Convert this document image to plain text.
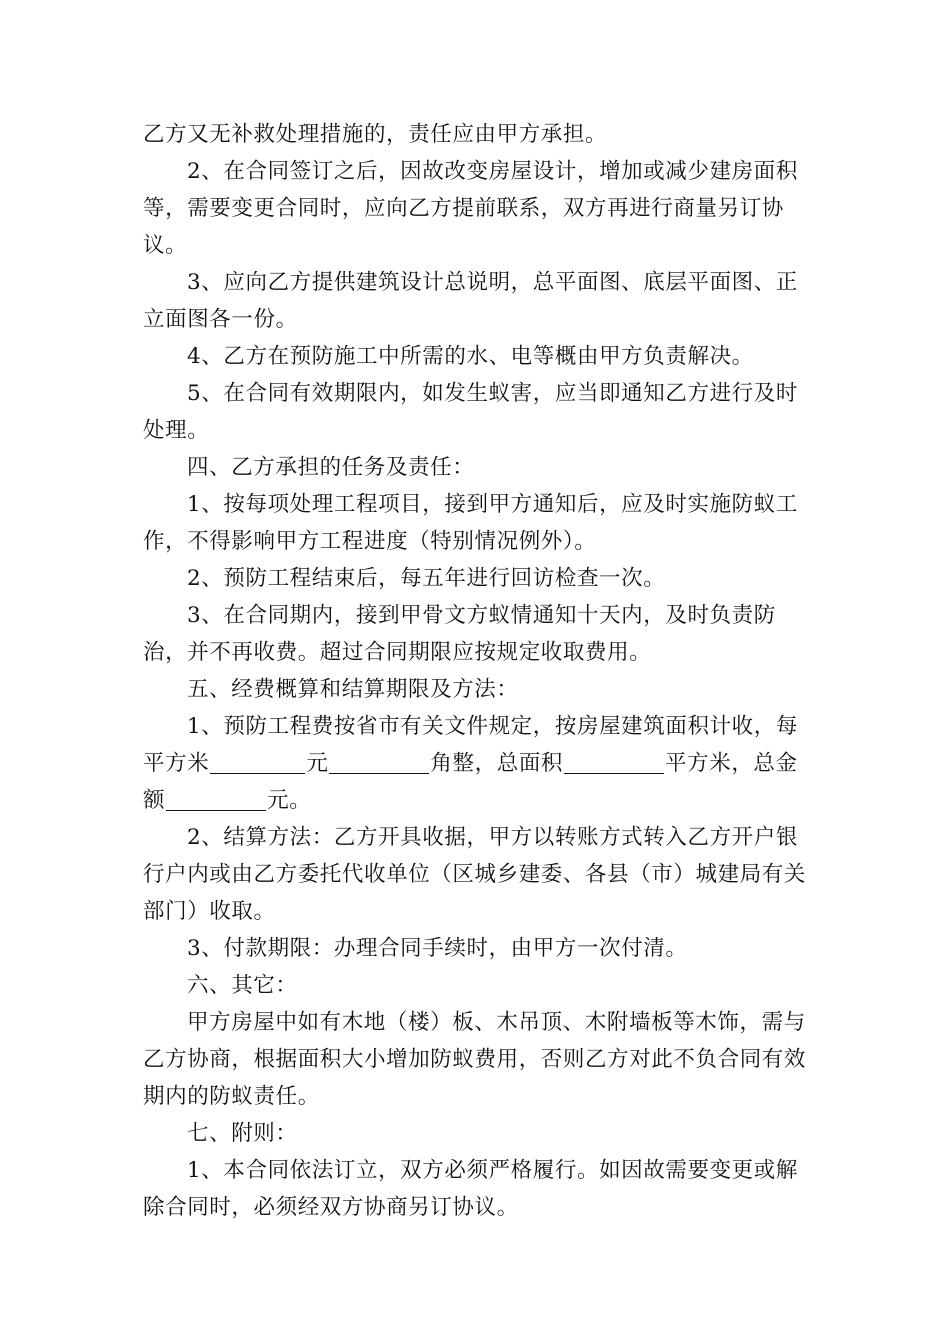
乙方又无补救处理措施的，责任应由甲方承担。

2、在合同签订之后，因故改变房屋设计，增加或减少建房面积等，需要变更合同时，应向乙方提前联系，双方再进行商量另订协议。

3、应向乙方提供建筑设计总说明，总平面图、底层平面图、正立面图各一份。

4、乙方在预防施工中所需的水、电等概由甲方负责解决。

5、在合同有效期限内，如发生蚁害，应当即通知乙方进行及时处理。

四、乙方承担的任务及责任：

1、按每项处理工程项目，接到甲方通知后，应及时实施防蚁工作，不得影响甲方工程进度（特别情况例外）。

2、预防工程结束后，每五年进行回访检查一次。

3、在合同期内，接到甲骨文方蚁情通知十天内，及时负责防治，并不再收费。超过合同期限应按规定收取费用。

五、经费概算和结算期限及方法：

1、预防工程费按省市有关文件规定，按房屋建筑面积计收，每
平方米	元	角整，总面积	平方米，总金
额	元。

2、结算方法：乙方开具收据，甲方以转账方式转入乙方开户银行户内或由乙方委托代收单位（区城乡建委、各县（市）城建局有关部门）收取。

3、付款期限：办理合同手续时，由甲方一次付清。

六、其它：

甲方房屋中如有木地（楼）板、木吊顶、木附墙板等木饰，需与乙方协商，根据面积大小增加防蚁费用，否则乙方对此不负合同有效期内的防蚁责任。

七、附则：

1、本合同依法订立，双方必须严格履行。如因故需要变更或解除合同时，必须经双方协商另订协议。
